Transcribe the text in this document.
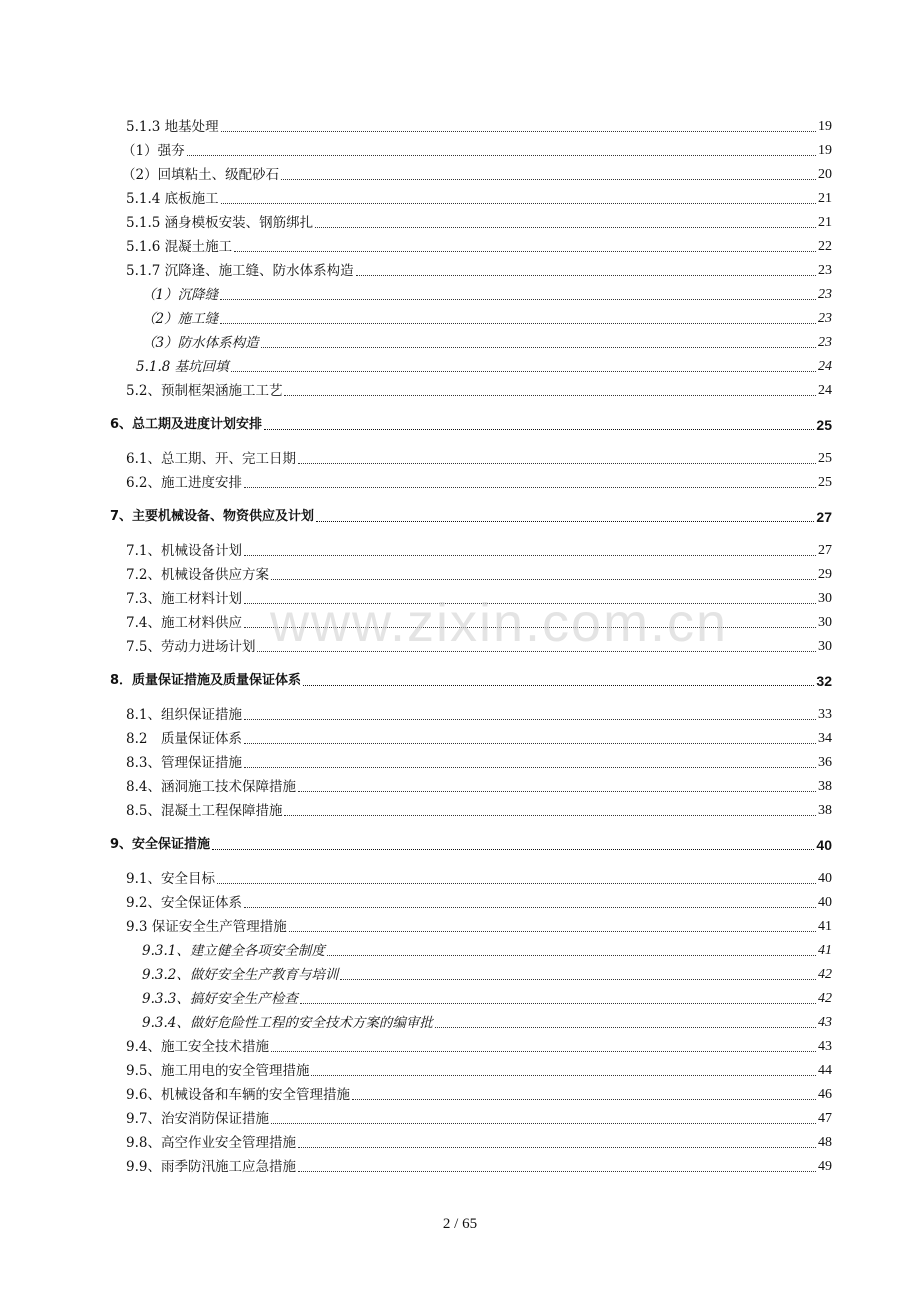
5.1.3 地基处理	19
（1）强夯	19
（2）回填粘土、级配砂石	20
5.1.4 底板施工	21
5.1.5 涵身模板安装、钢筋绑扎	21
5.1.6 混凝土施工	22
5.1.7 沉降逢、施工缝、防水体系构造	23
（1）沉降缝	23
（2）施工缝	23
（3）防水体系构造	23
5.1.8 基坑回填	24
5.2、预制框架涵施工工艺	24
6、总工期及进度计划安排	25
6.1、总工期、开、完工日期	25
6.2、施工进度安排	25
7、主要机械设备、物资供应及计划	27
7.1、机械设备计划	27
7.2、机械设备供应方案	29
7.3、施工材料计划	30
7.4、施工材料供应	30
7.5、劳动力进场计划	30
8．质量保证措施及质量保证体系	32
8.1、组织保证措施	33
8.2　质量保证体系	34
8.3、管理保证措施	36
8.4、涵洞施工技术保障措施	38
8.5、混凝土工程保障措施	38
9、安全保证措施	40
9.1、安全目标	40
9.2、安全保证体系	40
9.3 保证安全生产管理措施	41
9.3.1、建立健全各项安全制度	41
9.3.2、做好安全生产教育与培训	42
9.3.3、搞好安全生产检查	42
9.3.4、做好危险性工程的安全技术方案的编审批	43
9.4、施工安全技术措施	43
9.5、施工用电的安全管理措施	44
9.6、机械设备和车辆的安全管理措施	46
9.7、治安消防保证措施	47
9.8、高空作业安全管理措施	48
9.9、雨季防汛施工应急措施	49
www.zixin.com.cn
2 / 65
